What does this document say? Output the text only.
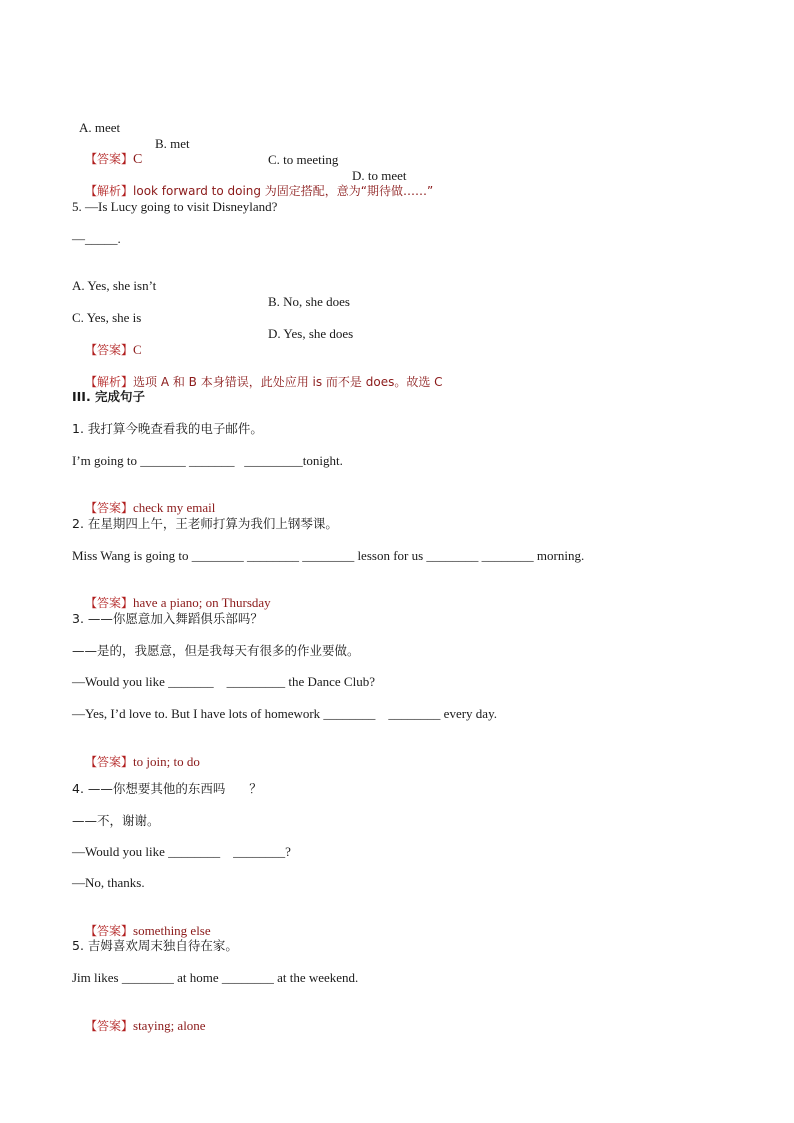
A. meet

B. met

C. to meeting

D. to meet

【答案】C

【解析】look forward to doing 为固定搭配，意为“期待做……”

5. —Is Lucy going to visit Disneyland?
—_____.

A. Yes, she isn’t

B. No, she does

C. Yes, she is

D. Yes, she does

【答案】C

【解析】选项 A 和 B 本身错误，此处应用 is 而不是 does。故选 C

III. 完成句子
1. 我打算今晚查看我的电子邮件。
I’m going to _______ _______   _________tonight.

【答案】check my email

2. 在星期四上午，王老师打算为我们上钢琴课。
Miss Wang is going to ________ ________ ________ lesson for us ________ ________ morning.

【答案】have a piano; on Thursday

3. ——你愿意加入舞蹈俱乐部吗？
——是的，我愿意，但是我每天有很多的作业要做。
—Would you like _______    _________ the Dance Club?
—Yes, I’d love to. But I have lots of homework ________    ________ every day.

【答案】to join; to do

4. ——你想要其他的东西吗      ？
——不，谢谢。
—Would you like ________    ________?
—No, thanks.

【答案】something else

5. 吉姆喜欢周末独自待在家。
Jim likes ________ at home ________ at the weekend.

【答案】staying; alone
